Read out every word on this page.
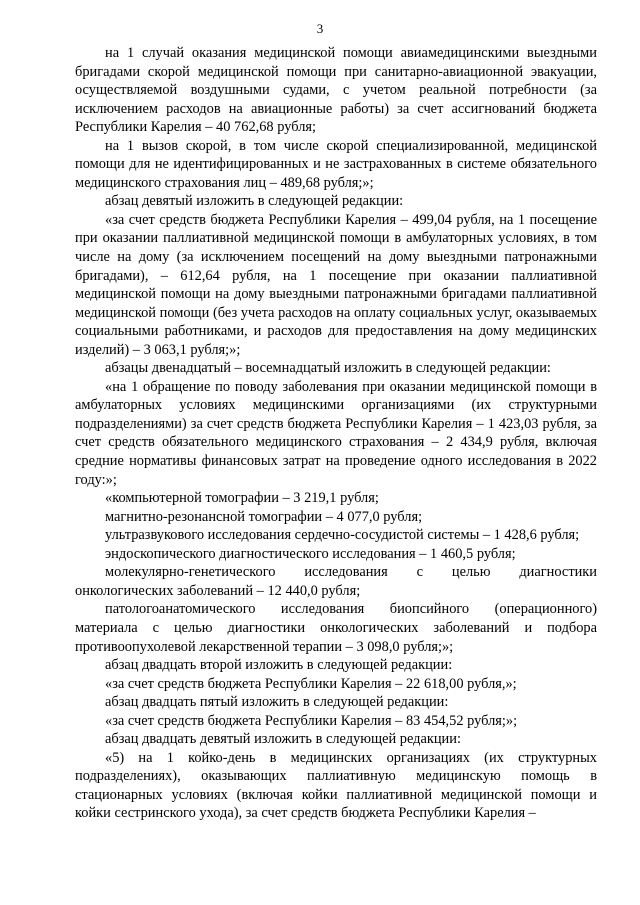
3

на 1 случай оказания медицинской помощи авиамедицинскими выездными бригадами скорой медицинской помощи при санитарно-авиационной эвакуации, осуществляемой воздушными судами, с учетом реальной потребности (за исключением расходов на авиационные работы) за счет ассигнований бюджета Республики Карелия – 40 762,68 рубля;

на 1 вызов скорой, в том числе скорой специализированной, медицинской помощи для не идентифицированных и не застрахованных в системе обязательного медицинского страхования лиц – 489,68 рубля;»;

абзац девятый изложить в следующей редакции:

«за счет средств бюджета Республики Карелия – 499,04 рубля, на 1 посещение при оказании паллиативной медицинской помощи в амбулаторных условиях, в том числе на дому (за исключением посещений на дому выездными патронажными бригадами), – 612,64 рубля, на 1 посещение при оказании паллиативной медицинской помощи на дому выездными патронажными бригадами паллиативной медицинской помощи (без учета расходов на оплату социальных услуг, оказываемых социальными работниками, и расходов для предоставления на дому медицинских изделий) – 3 063,1 рубля;»;

абзацы двенадцатый – восемнадцатый изложить в следующей редакции:

«на 1 обращение по поводу заболевания при оказании медицинской помощи в амбулаторных условиях медицинскими организациями (их структурными подразделениями) за счет средств бюджета Республики Карелия – 1 423,03 рубля, за счет средств обязательного медицинского страхования – 2 434,9 рубля, включая средние нормативы финансовых затрат на проведение одного исследования в 2022 году:»;

«компьютерной томографии – 3 219,1 рубля;

магнитно-резонансной томографии – 4 077,0 рубля;

ультразвукового исследования сердечно-сосудистой системы – 1 428,6 рубля;

эндоскопического диагностического исследования – 1 460,5 рубля;

молекулярно-генетического исследования с целью диагностики онкологических заболеваний – 12 440,0 рубля;

патологоанатомического исследования биопсийного (операционного) материала с целью диагностики онкологических заболеваний и подбора противоопухолевой лекарственной терапии – 3 098,0 рубля;»;

абзац двадцать второй изложить в следующей редакции:

«за счет средств бюджета Республики Карелия – 22 618,00 рубля,»;

абзац двадцать пятый изложить в следующей редакции:

«за счет средств бюджета Республики Карелия – 83 454,52 рубля;»;

абзац двадцать девятый изложить в следующей редакции:

«5) на 1 койко-день в медицинских организациях (их структурных подразделениях), оказывающих паллиативную медицинскую помощь в стационарных условиях (включая койки паллиативной медицинской помощи и койки сестринского ухода), за счет средств бюджета Республики Карелия –
